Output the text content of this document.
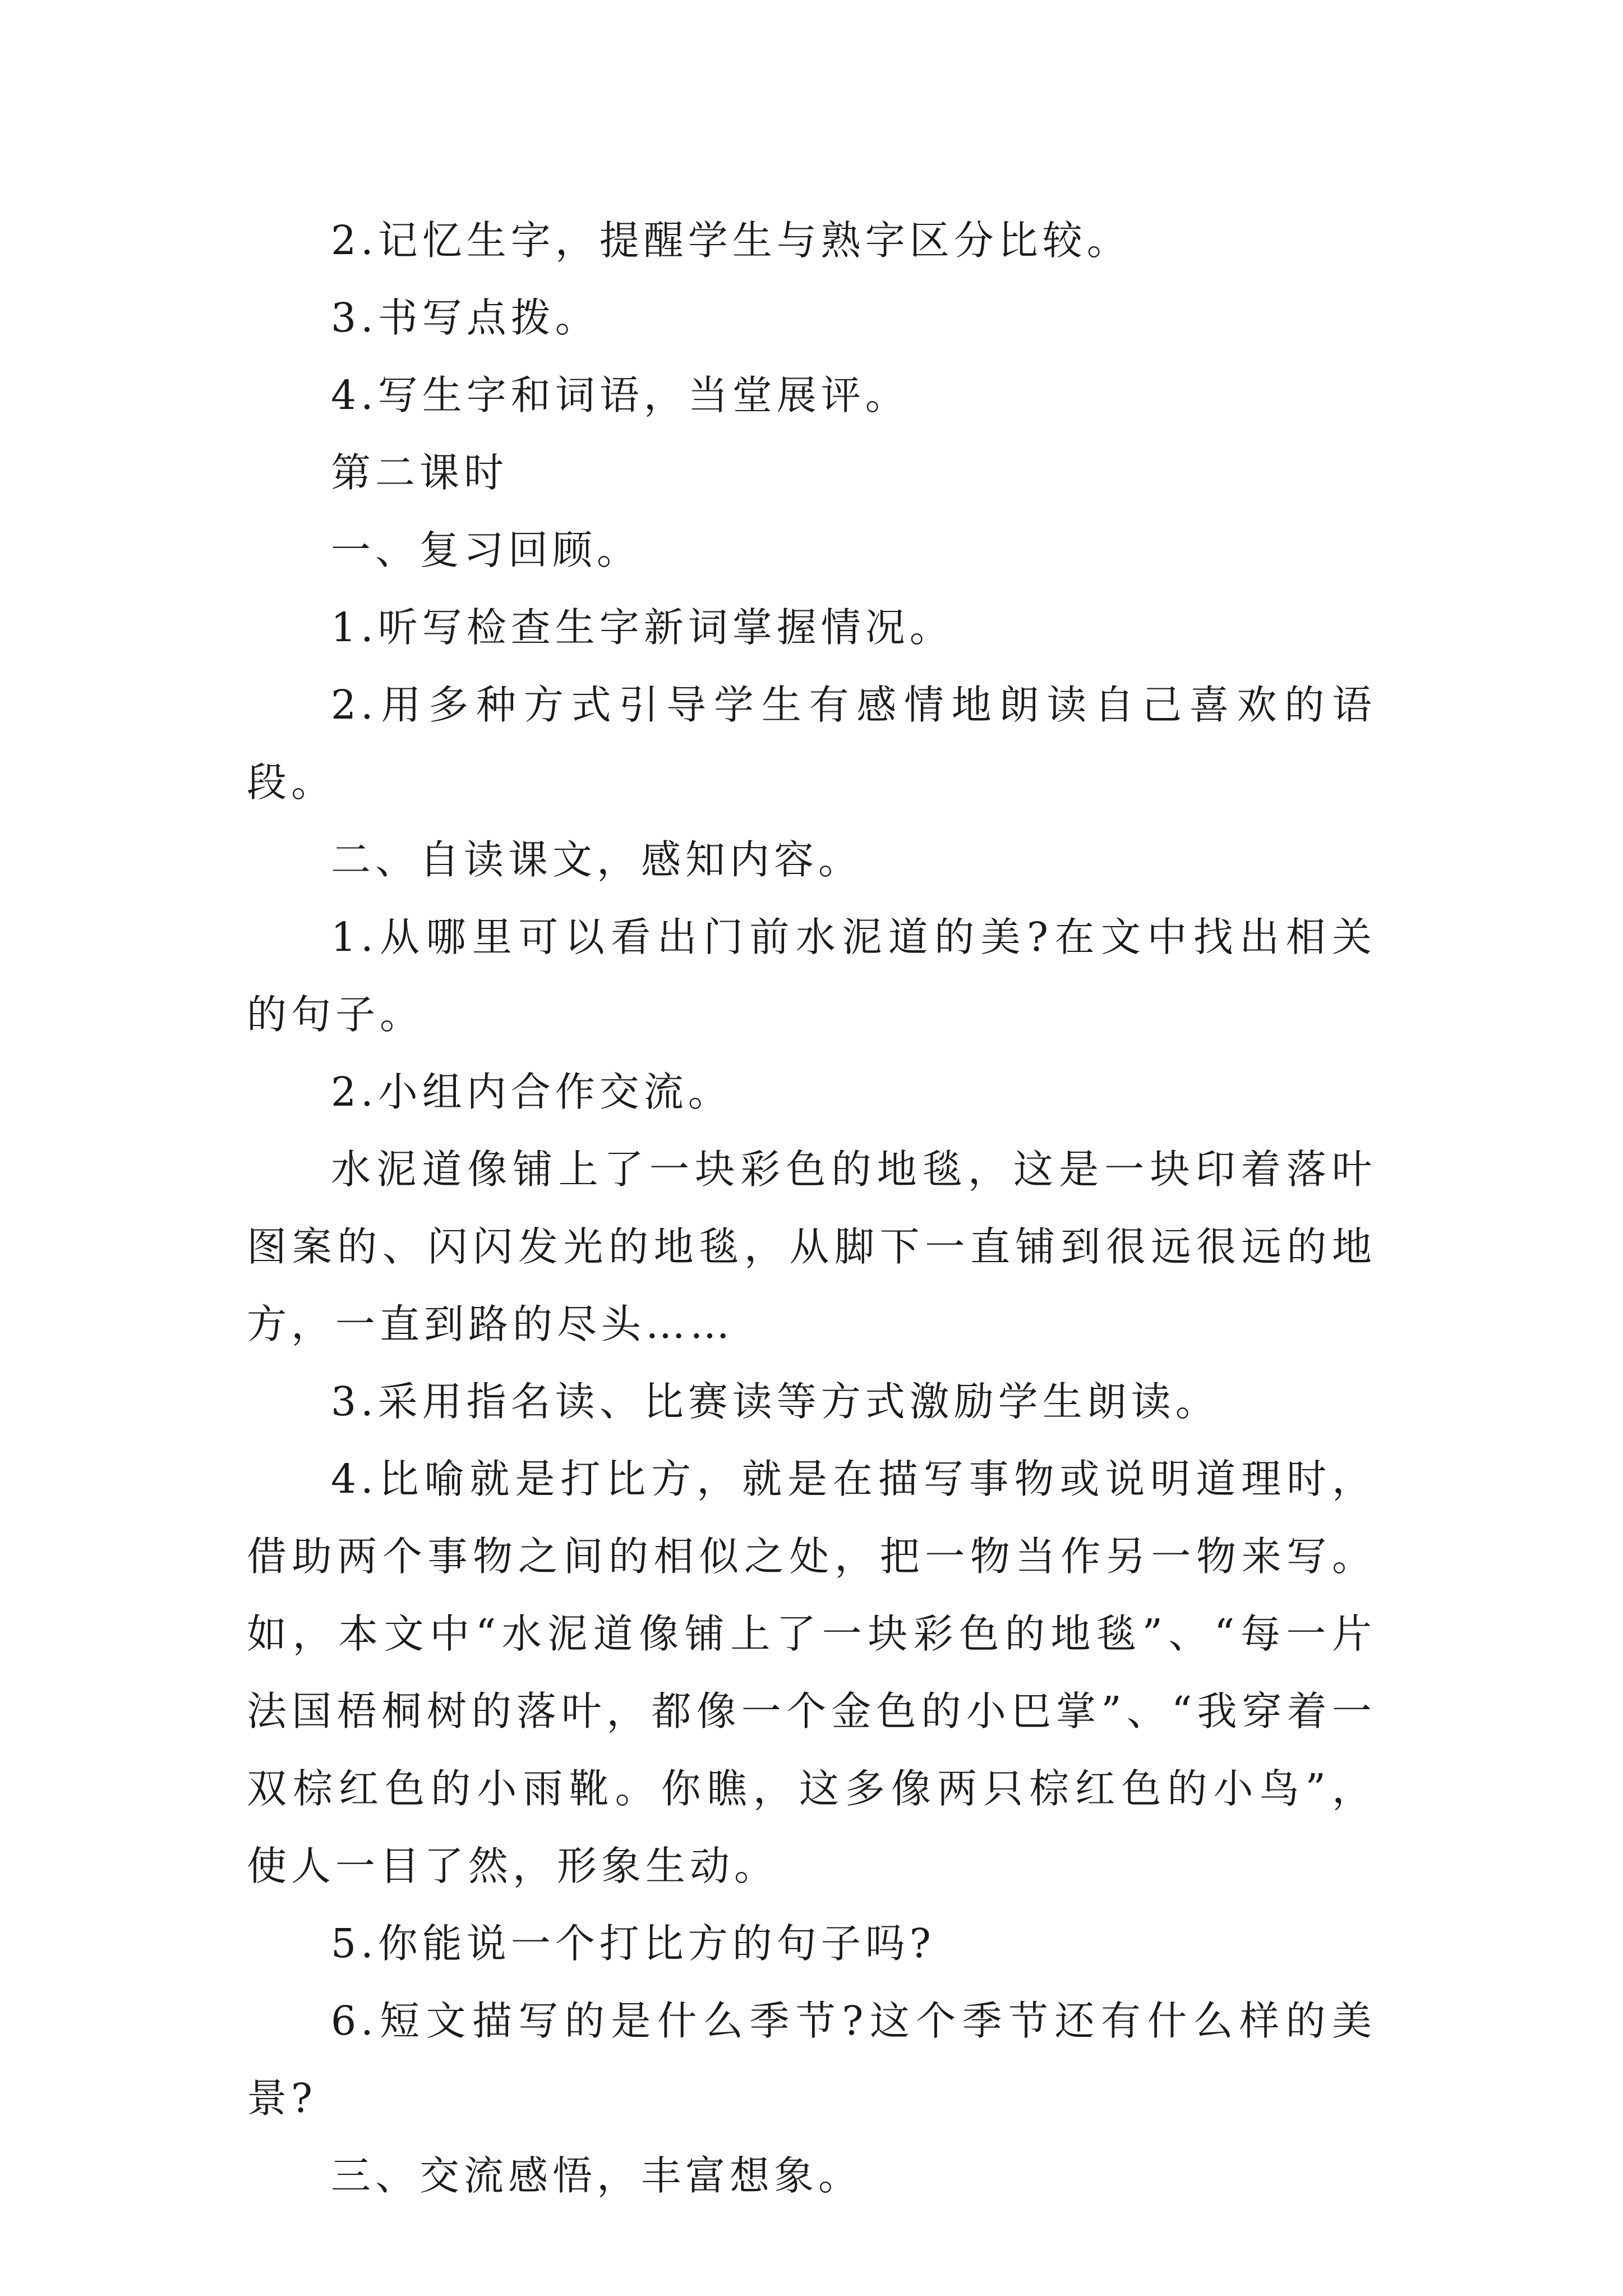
2.记忆生字，提醒学生与熟字区分比较。

3.书写点拨。

4.写生字和词语，当堂展评。

第二课时

一、复习回顾。

1.听写检查生字新词掌握情况。

2.用多种方式引导学生有感情地朗读自己喜欢的语段。

二、自读课文，感知内容。

1.从哪里可以看出门前水泥道的美?在文中找出相关的句子。

2.小组内合作交流。

水泥道像铺上了一块彩色的地毯，这是一块印着落叶图案的、闪闪发光的地毯，从脚下一直铺到很远很远的地方，一直到路的尽头……

3.采用指名读、比赛读等方式激励学生朗读。

4.比喻就是打比方，就是在描写事物或说明道理时，借助两个事物之间的相似之处，把一物当作另一物来写。如，本文中“水泥道像铺上了一块彩色的地毯”、“每一片法国梧桐树的落叶，都像一个金色的小巴掌”、“我穿着一双棕红色的小雨靴。你瞧，这多像两只棕红色的小鸟”，使人一目了然，形象生动。

5.你能说一个打比方的句子吗?

6.短文描写的是什么季节?这个季节还有什么样的美景?

三、交流感悟，丰富想象。
